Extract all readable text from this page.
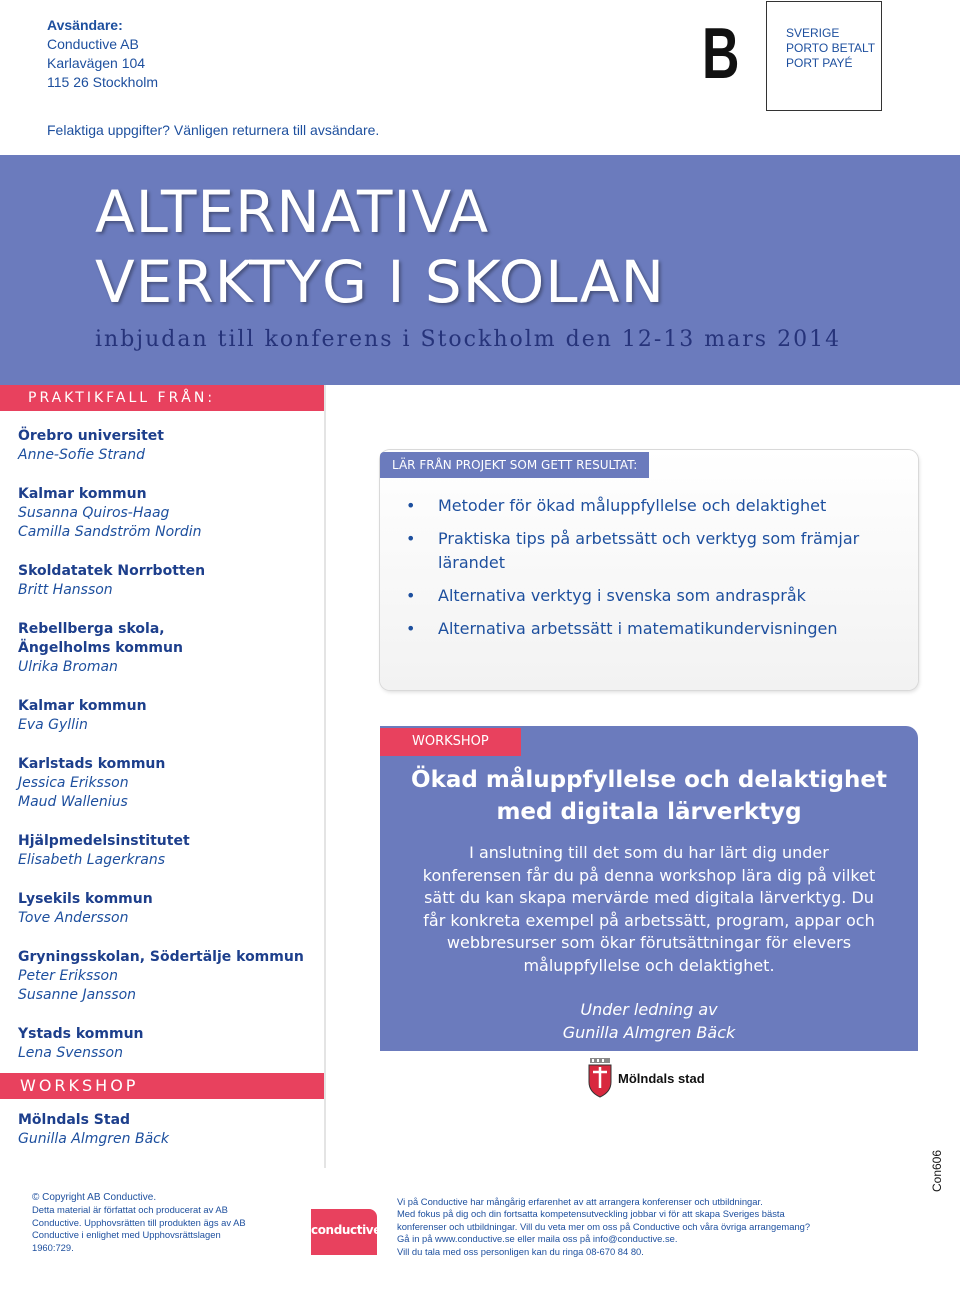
Avsändare:
Conductive AB
Karlavägen 104
115 26 Stockholm
Felaktiga uppgifter? Vänligen returnera till avsändare.
B	SVERIGE
PORTO BETALT
PORT PAYÉ
ALTERNATIVA
VERKTYG I SKOLAN
inbjudan till konferens i Stockholm den 12-13 mars 2014
PRAKTIKFALL FRÅN:
Örebro universitet
Anne-Sofie Strand
Kalmar kommun
Susanna Quiros-Haag
Camilla Sandström Nordin
Skoldatatek Norrbotten
Britt Hansson
Rebellberga skola, Ängelholms kommun
Ulrika Broman
Kalmar kommun
Eva Gyllin
Karlstads kommun
Jessica Eriksson
Maud Wallenius
Hjälpmedelsinstitutet
Elisabeth Lagerkrans
Lysekils kommun
Tove Andersson
Gryningsskolan, Södertälje kommun
Peter Eriksson
Susanne Jansson
Ystads kommun
Lena Svensson
WORKSHOP
Mölndals Stad
Gunilla Almgren Bäck
LÄR FRÅN PROJEKT SOM GETT RESULTAT:
• Metoder för ökad måluppfyllelse och delaktighet
• Praktiska tips på arbetssätt och verktyg som främjar lärandet
• Alternativa verktyg i svenska som andraspråk
• Alternativa arbetssätt i matematikundervisningen
WORKSHOP
Ökad måluppfyllelse och delaktighet
med digitala lärverktyg
I anslutning till det som du har lärt dig under konferensen får du på denna workshop lära dig på vilket sätt du kan skapa mervärde med digitala lärverktyg. Du får konkreta exempel på arbetssätt, program, appar och webbresurser som ökar förutsättningar för elevers måluppfyllelse och delaktighet.
Under ledning av
Gunilla Almgren Bäck
Mölndals stad
© Copyright AB Conductive.
Detta material är författat och producerat av AB Conductive. Upphovsrätten till produkten ägs av AB Conductive i enlighet med Upphovsrättslagen 1960:729.
conductive
Vi på Conductive har mångårig erfarenhet av att arrangera konferenser och utbildningar.
Med fokus på dig och din fortsatta kompetensutveckling jobbar vi för att skapa Sveriges bästa konferenser och utbildningar. Vill du veta mer om oss på Conductive och våra övriga arrangemang?
Gå in på www.conductive.se eller maila oss på info@conductive.se.
Vill du tala med oss personligen kan du ringa 08-670 84 80.
Con606
